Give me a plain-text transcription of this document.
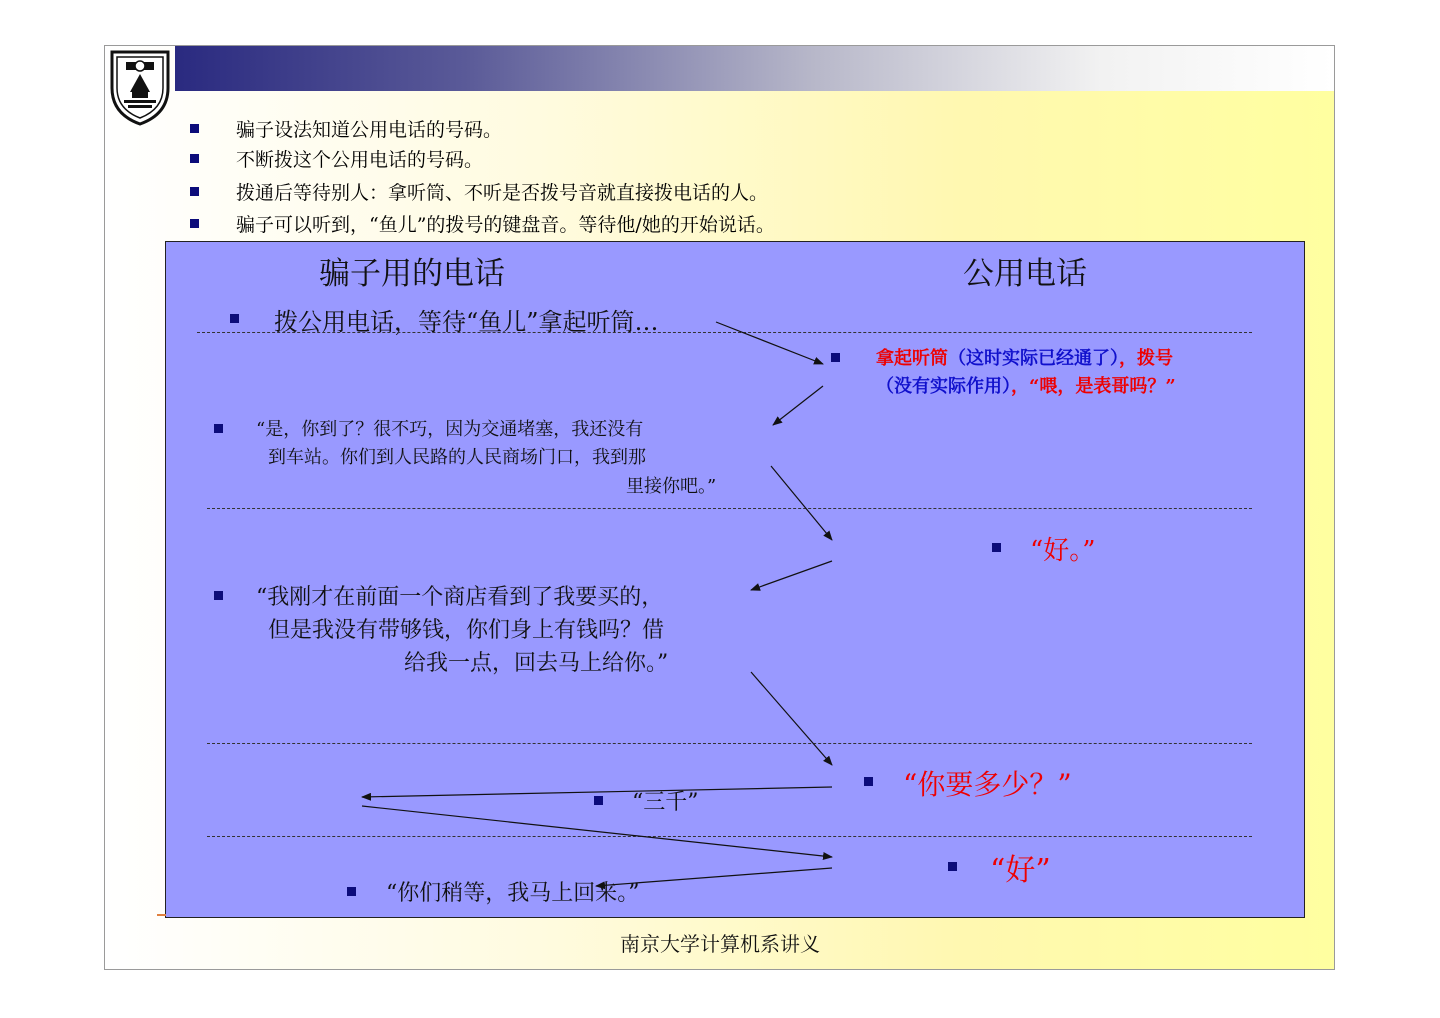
骗子设法知道公用电话的号码。
不断拨这个公用电话的号码。
拨通后等待别人：拿听筒、不听是否拨号音就直接拨电话的人。
骗子可以听到，“鱼儿”的拨号的键盘音。等待他/她的开始说话。
骗子用的电话	公用电话
拨公用电话，等待“鱼儿”拿起听筒…
拿起听筒（这时实际已经通了），拨号
（没有实际作用），“喂，是表哥吗？”
“是，你到了？很不巧，因为交通堵塞，我还没有
到车站。你们到人民路的人民商场门口，我到那
里接你吧。”
“好。”
“我刚才在前面一个商店看到了我要买的，
但是我没有带够钱，你们身上有钱吗？借
给我一点，回去马上给你。”
“你要多少？”
“三千”
“好”
“你们稍等，我马上回来。”
南京大学计算机系讲义
